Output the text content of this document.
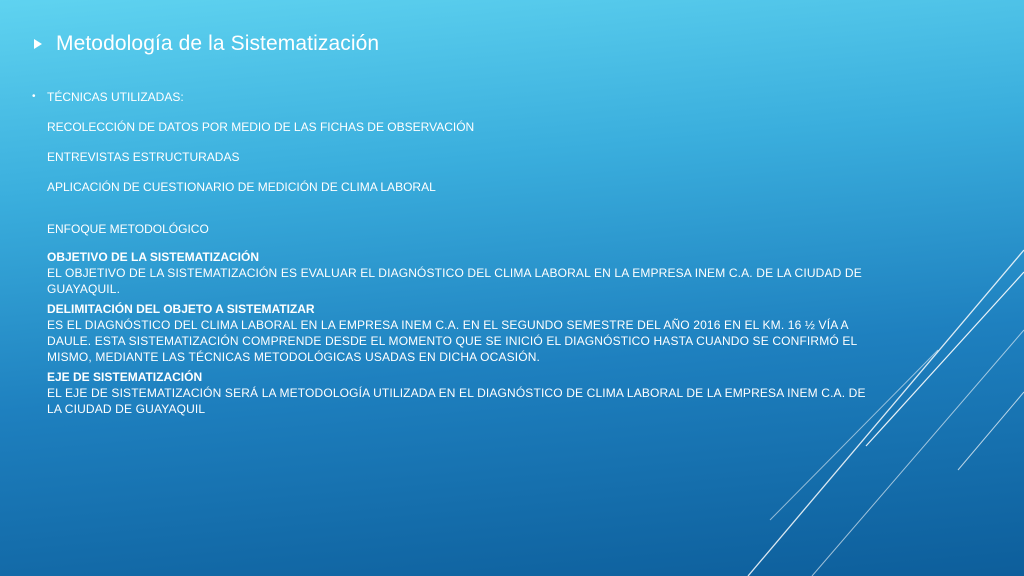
Metodología de la Sistematización
• TÉCNICAS UTILIZADAS:
RECOLECCIÓN DE DATOS POR MEDIO DE LAS FICHAS DE OBSERVACIÓN
ENTREVISTAS ESTRUCTURADAS
APLICACIÓN DE CUESTIONARIO DE MEDICIÓN DE CLIMA LABORAL
ENFOQUE METODOLÓGICO
OBJETIVO DE LA SISTEMATIZACIÓN
EL OBJETIVO DE LA SISTEMATIZACIÓN ES EVALUAR EL DIAGNÓSTICO DEL CLIMA LABORAL EN LA EMPRESA INEM C.A. DE LA CIUDAD DE GUAYAQUIL.
DELIMITACIÓN DEL OBJETO A SISTEMATIZAR
ES EL DIAGNÓSTICO DEL CLIMA LABORAL EN LA EMPRESA INEM C.A. EN EL SEGUNDO SEMESTRE DEL AÑO 2016 EN EL KM. 16 ½ VÍA A DAULE. ESTA SISTEMATIZACIÓN COMPRENDE DESDE EL MOMENTO QUE SE INICIÓ EL DIAGNÓSTICO HASTA CUANDO SE CONFIRMÓ EL MISMO, MEDIANTE LAS TÉCNICAS METODOLÓGICAS USADAS EN DICHA OCASIÓN.
EJE DE SISTEMATIZACIÓN
EL EJE DE SISTEMATIZACIÓN SERÁ LA METODOLOGÍA UTILIZADA EN EL DIAGNÓSTICO DE CLIMA LABORAL DE LA EMPRESA INEM C.A. DE LA CIUDAD DE GUAYAQUIL
